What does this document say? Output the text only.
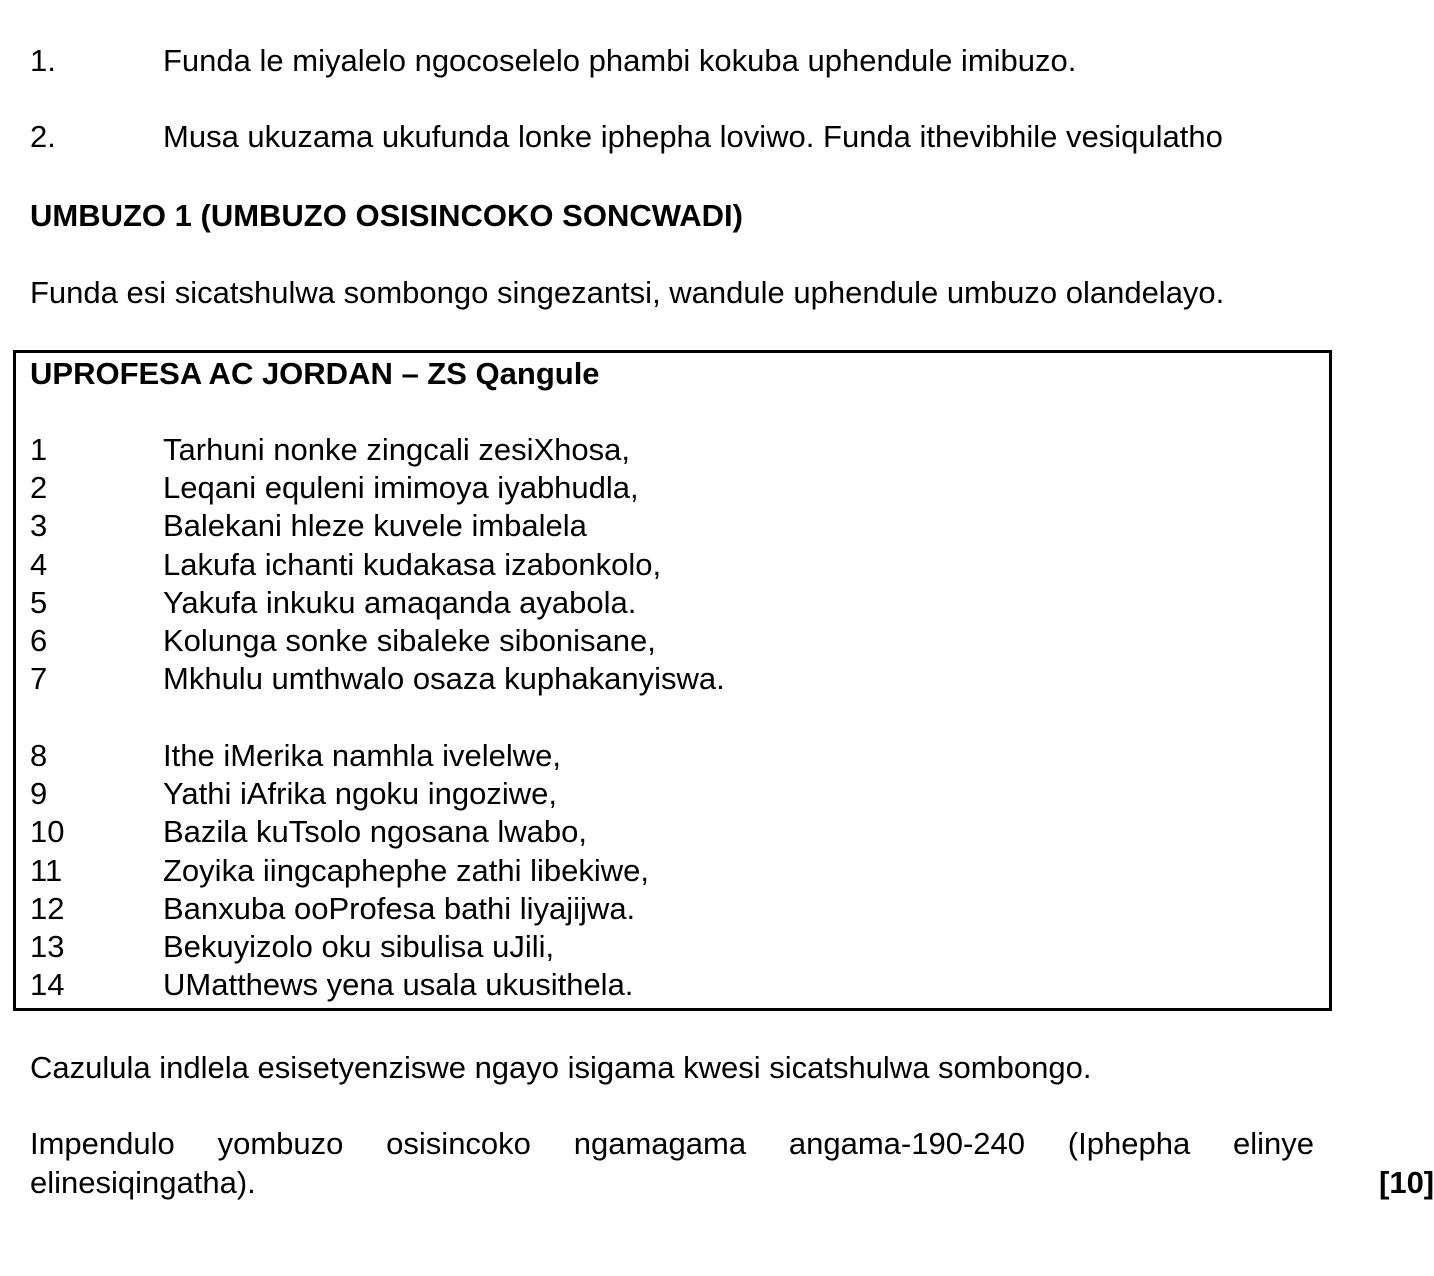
1.	Funda le miyalelo ngocoselelo phambi kokuba uphendule imibuzo.
2.	Musa ukuzama ukufunda lonke iphepha loviwo. Funda ithevibhile vesiqulatho
UMBUZO 1 (UMBUZO OSISINCOKO SONCWADI)
Funda esi sicatshulwa sombongo singezantsi, wandule uphendule umbuzo olandelayo.
UPROFESA AC JORDAN – ZS Qangule
1	Tarhuni nonke zingcali zesiXhosa,
2	Leqani equleni imimoya iyabhudla,
3	Balekani hleze kuvele imbalela
4	Lakufa ichanti kudakasa izabonkolo,
5	Yakufa inkuku amaqanda ayabola.
6	Kolunga sonke sibaleke sibonisane,
7	Mkhulu umthwalo osaza kuphakanyiswa.
8	Ithe iMerika namhla ivelelwe,
9	Yathi iAfrika ngoku ingoziwe,
10	Bazila kuTsolo ngosana lwabo,
11	Zoyika iingcaphephe zathi libekiwe,
12	Banxuba ooProfesa bathi liyajijwa.
13	Bekuyizolo oku sibulisa uJili,
14	UMatthews yena usala ukusithela.
Cazulula indlela esisetyenziswe ngayo isigama kwesi sicatshulwa sombongo.
Impendulo yombuzo osisincoko ngamagama angama-190-240 (Iphepha elinye
elinesiqingatha).	[10]
